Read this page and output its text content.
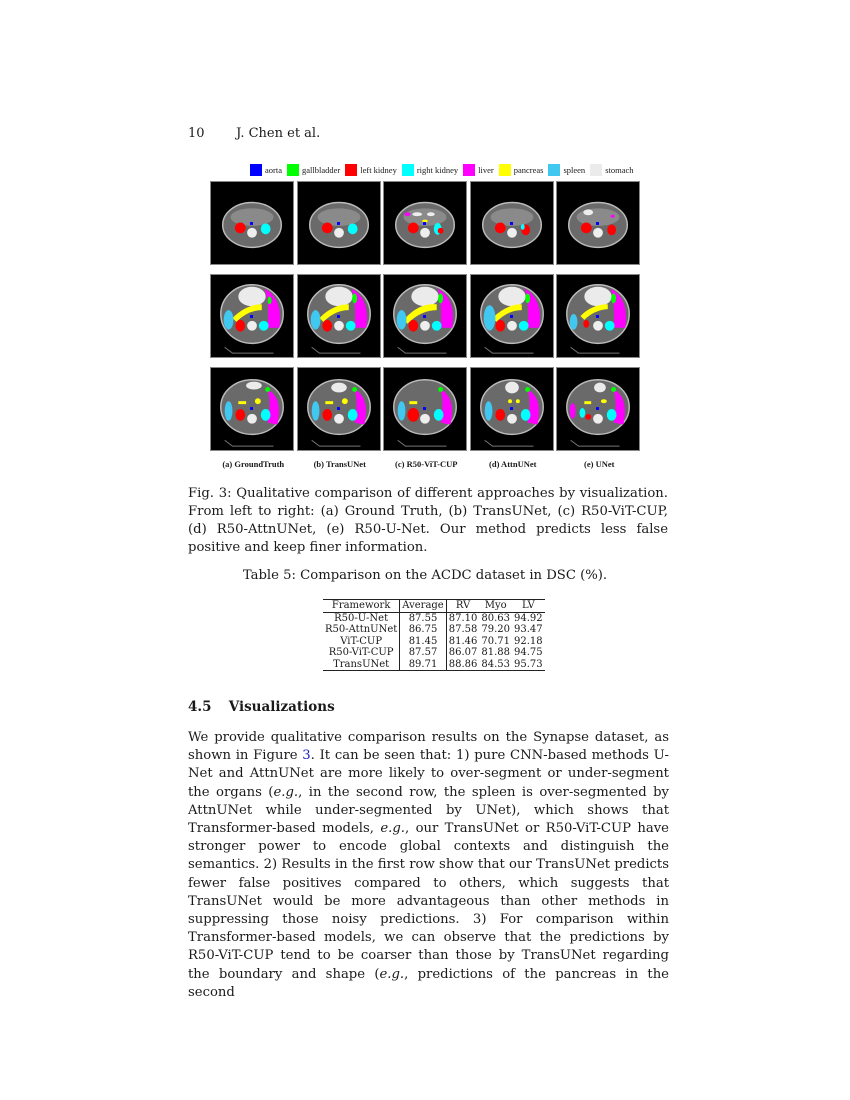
10 J. Chen et al.
aorta gallbladder left kidney right kidney liver pancreas spleen stomach
(a) GroundTruth	(b) TransUNet	(c) R50-ViT-CUP	(d) AttnUNet	(e) UNet
Fig. 3: Qualitative comparison of different approaches by visualization. From left to right: (a) Ground Truth, (b) TransUNet, (c) R50-ViT-CUP, (d) R50-AttnUNet, (e) R50-U-Net. Our method predicts less false positive and keep finer information.
Table 5: Comparison on the ACDC dataset in DSC (%).
Framework	Average	RV	Myo	LV
R50-U-Net	87.55	87.10	80.63	94.92
R50-AttnUNet	86.75	87.58	79.20	93.47
ViT-CUP	81.45	81.46	70.71	92.18
R50-ViT-CUP	87.57	86.07	81.88	94.75
TransUNet	89.71	88.86	84.53	95.73
4.5 Visualizations
We provide qualitative comparison results on the Synapse dataset, as shown in Figure 3. It can be seen that: 1) pure CNN-based methods U-Net and AttnUNet are more likely to over-segment or under-segment the organs (e.g., in the second row, the spleen is over-segmented by AttnUNet while under-segmented by UNet), which shows that Transformer-based models, e.g., our TransUNet or R50-ViT-CUP have stronger power to encode global contexts and distinguish the semantics. 2) Results in the first row show that our TransUNet predicts fewer false positives compared to others, which suggests that TransUNet would be more advantageous than other methods in suppressing those noisy predictions. 3) For comparison within Transformer-based models, we can observe that the predictions by R50-ViT-CUP tend to be coarser than those by TransUNet regarding the boundary and shape (e.g., predictions of the pancreas in the second
